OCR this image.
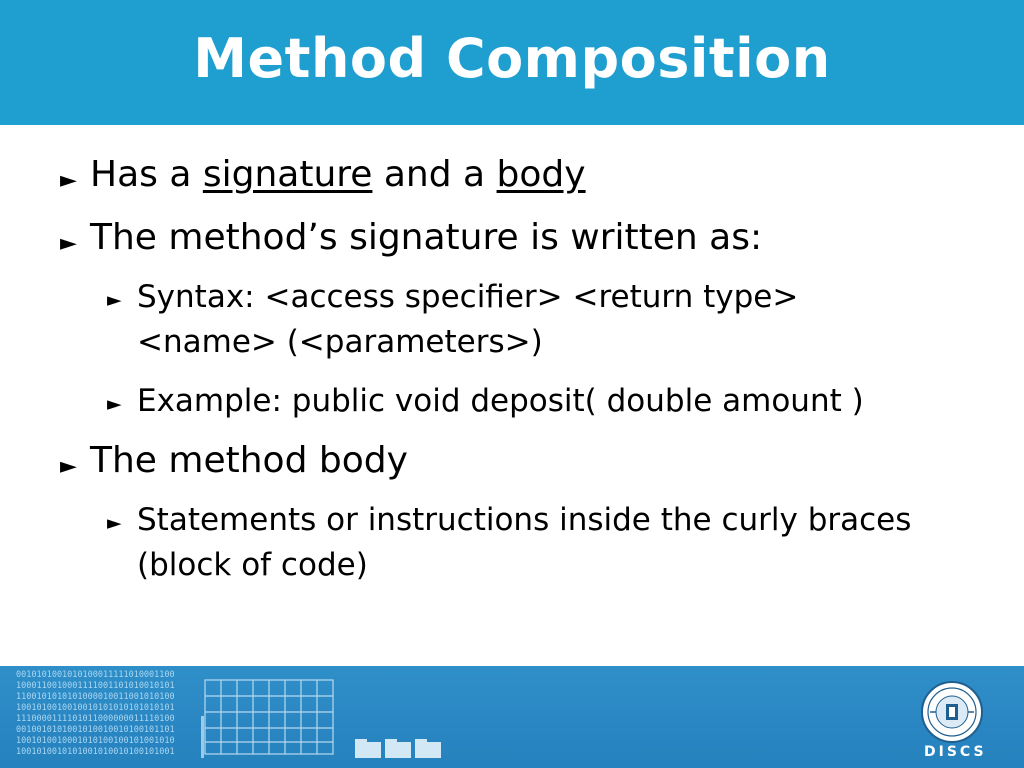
Method Composition
► Has a signature and a body
► The method’s signature is written as:
► Syntax: <access specifier> <return type>
<name> (<parameters>)
► Example: public void deposit( double amount )
► The method body
► Statements or instructions inside the curly braces
(block of code)
0010101001010100011111010001100
1000110010001111001101010010101
1100101010101000010011001010100
1001010010010010101010101010101
1110000111101011000000011110100
0010010101001010010010100101101
1001010010001010100100101001010
1001010010101001010010100101001	DISCS
